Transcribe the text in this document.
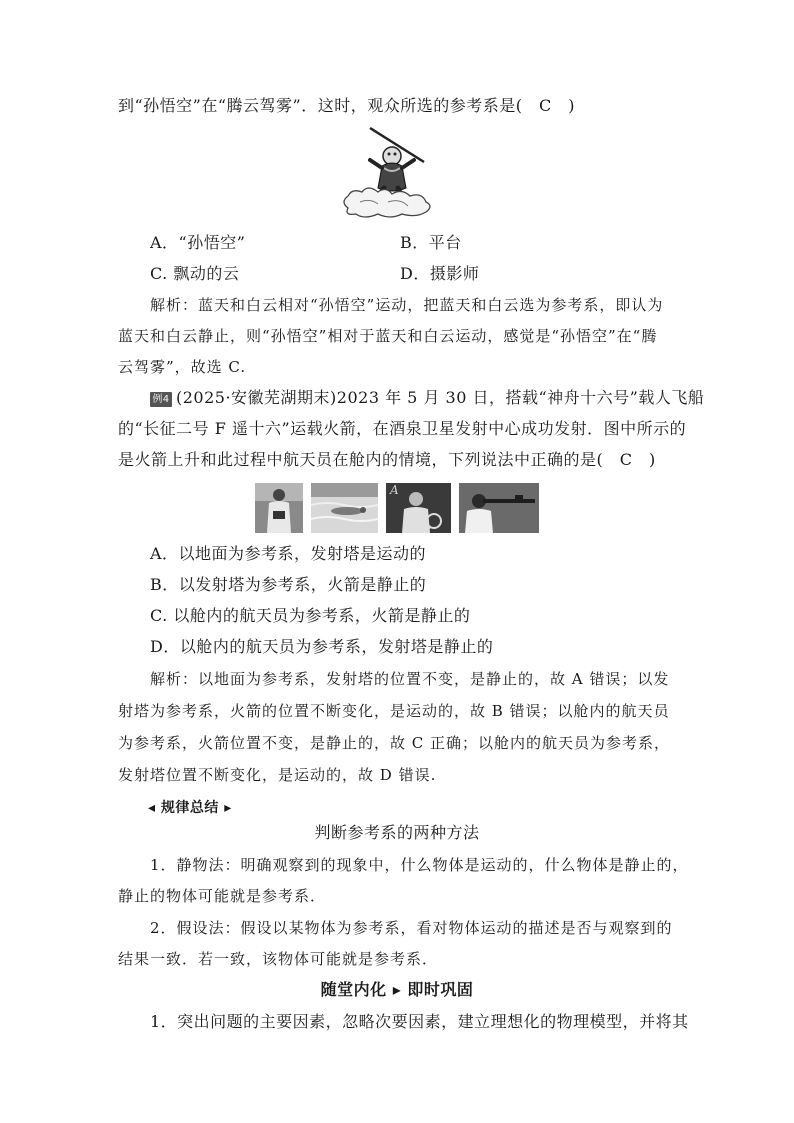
到“孙悟空”在“腾云驾雾”．这时，观众所选的参考系是(　C　)
A．“孙悟空”	B．平台
C. 飘动的云	D．摄影师
解析：蓝天和白云相对“孙悟空”运动，把蓝天和白云选为参考系，即认为
蓝天和白云静止，则“孙悟空”相对于蓝天和白云运动，感觉是“孙悟空”在“腾
云驾雾”，故选 C.
例4 (2025·安徽芜湖期末)2023 年 5 月 30 日，搭载“神舟十六号”载人飞船
的“长征二号 F 遥十六”运载火箭，在酒泉卫星发射中心成功发射．图中所示的
是火箭上升和此过程中航天员在舱内的情境，下列说法中正确的是(　C　)
A
A．以地面为参考系，发射塔是运动的
B．以发射塔为参考系，火箭是静止的
C. 以舱内的航天员为参考系，火箭是静止的
D．以舱内的航天员为参考系，发射塔是静止的
解析：以地面为参考系，发射塔的位置不变，是静止的，故 A 错误；以发
射塔为参考系，火箭的位置不断变化，是运动的，故 B 错误；以舱内的航天员
为参考系，火箭位置不变，是静止的，故 C 正确；以舱内的航天员为参考系，
发射塔位置不断变化，是运动的，故 D 错误.
◂ 规律总结 ▸
判断参考系的两种方法
1．静物法：明确观察到的现象中，什么物体是运动的，什么物体是静止的，
静止的物体可能就是参考系．
2．假设法：假设以某物体为参考系，看对物体运动的描述是否与观察到的
结果一致．若一致，该物体可能就是参考系．
随堂内化 ▸ 即时巩固
1．突出问题的主要因素，忽略次要因素，建立理想化的物理模型，并将其
